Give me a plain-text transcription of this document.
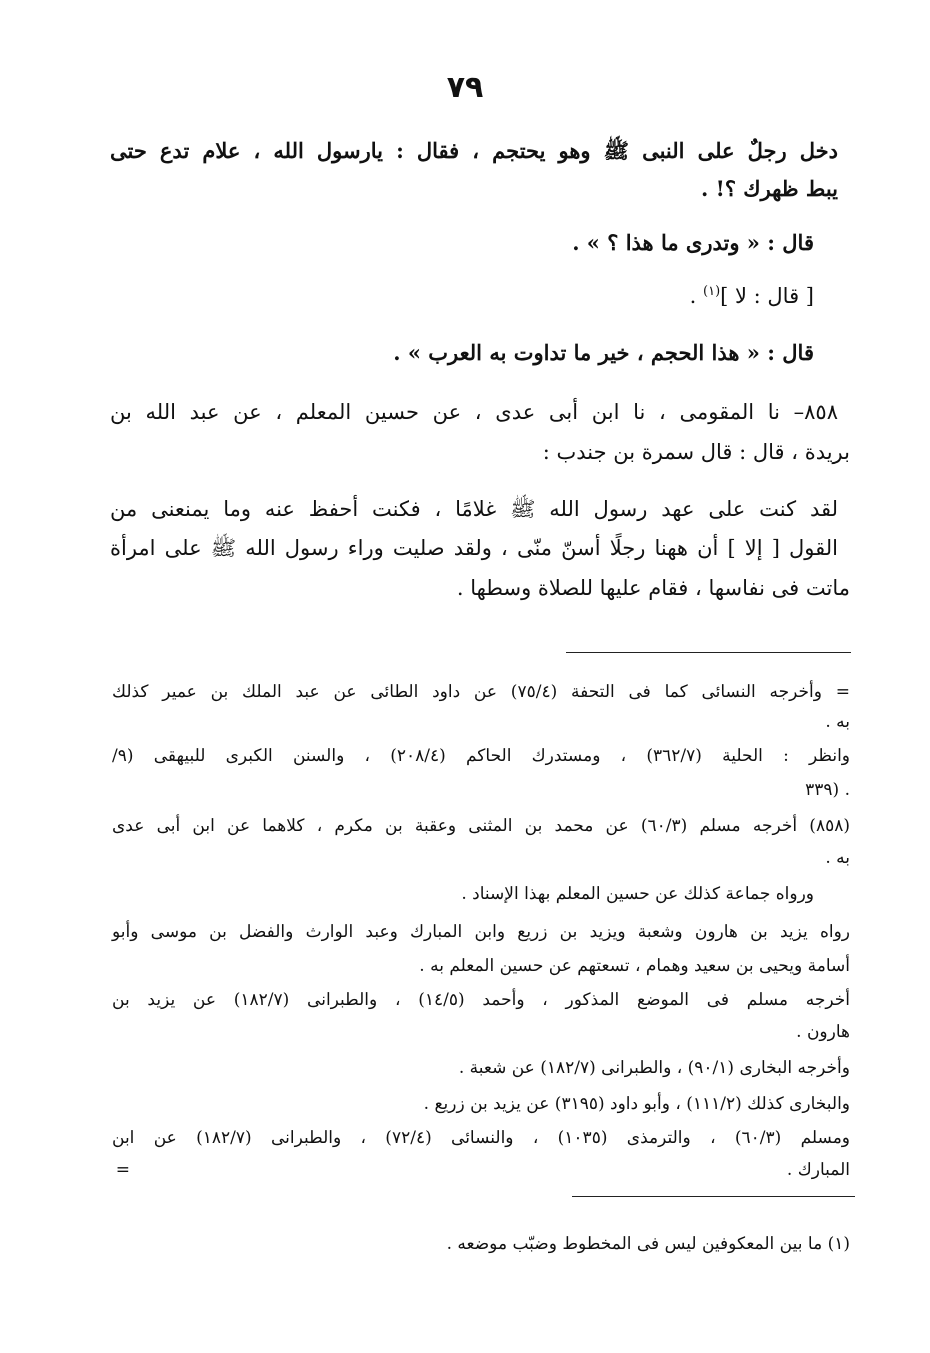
٧٩
دخل رجلٌ على النبى ﷺ وهو يحتجم ، فقال : يارسول الله ، علام تدع حتى
يبط ظهرك ؟! .
قال : « وتدرى ما هذا ؟ » .
[ قال : لا ]$^{(١)}$ .
قال : « هذا الحجم ، خير ما تداوت به العرب » .
٨٥٨– نا المقومى ، نا ابن أبى عدى ، عن حسين المعلم ، عن عبد الله بن
بريدة ، قال : قال سمرة بن جندب :
لقد كنت على عهد رسول الله ﷺ غلامًا ، فكنت أحفظ عنه وما يمنعنى من
القول [ إلا ] أن ههنا رجلًا أسنّ منّى ، ولقد صليت وراء رسول الله ﷺ على امرأة
ماتت فى نفاسها ، فقام عليها للصلاة وسطها .
= وأخرجه النسائى كما فى التحفة (٧٥/٤) عن داود الطائى عن عبد الملك بن عمير كذلك
به .
وانظر : الحلية (٣٦٢/٧) ، ومستدرك الحاكم (٢٠٨/٤) ، والسنن الكبرى للبيهقى (٩/
٣٣٩) .
(٨٥٨) أخرجه مسلم (٦٠/٣) عن محمد بن المثنى وعقبة بن مكرم ، كلاهما عن ابن أبى عدى
به .
ورواه جماعة كذلك عن حسين المعلم بهذا الإسناد .
رواه يزيد بن هارون وشعبة ويزيد بن زريع وابن المبارك وعبد الوارث والفضل بن موسى وأبو
أسامة ويحيى بن سعيد وهمام ، تسعتهم عن حسين المعلم به .
أخرجه مسلم فى الموضع المذكور ، وأحمد (١٤/٥) ، والطبرانى (١٨٢/٧) عن يزيد بن
هارون .
وأخرجه البخارى (٩٠/١) ، والطبرانى (١٨٢/٧) عن شعبة .
والبخارى كذلك (١١١/٢) ، وأبو داود (٣١٩٥) عن يزيد بن زريع .
ومسلم (٦٠/٣) ، والترمذى (١٠٣٥) ، والنسائى (٧٢/٤) ، والطبرانى (١٨٢/٧) عن ابن
المبارك .
=
(١) ما بين المعكوفين ليس فى المخطوط وضبّب موضعه .
